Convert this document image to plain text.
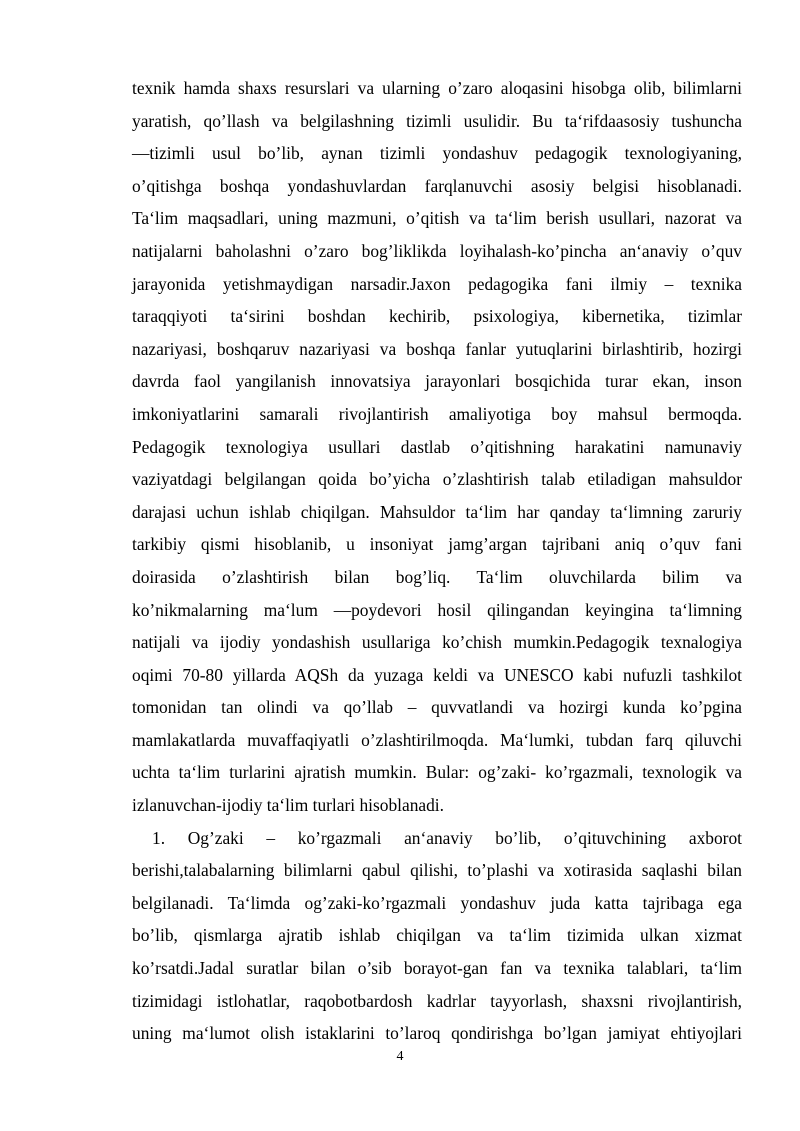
texnik hamda shaxs resurslari va ularning o’zaro aloqasini hisobga olib, bilimlarni
yaratish, qo’llash va belgilashning tizimli usulidir. Bu ta‘rifdaasosiy tushuncha
—tizimli usul bo’lib, aynan tizimli yondashuv pedagogik texnologiyaning,
o’qitishga boshqa yondashuvlardan farqlanuvchi asosiy belgisi hisoblanadi.
Ta‘lim maqsadlari, uning mazmuni, o’qitish va ta‘lim berish usullari, nazorat va
natijalarni baholashni o’zaro bog’liklikda loyihalash-ko’pincha an‘anaviy o’quv
jarayonida yetishmaydigan narsadir.Jaxon pedagogika fani ilmiy – texnika
taraqqiyoti ta‘sirini boshdan kechirib, psixologiya, kibernetika, tizimlar
nazariyasi, boshqaruv nazariyasi va boshqa fanlar yutuqlarini birlashtirib, hozirgi
davrda faol yangilanish innovatsiya jarayonlari bosqichida turar ekan, inson
imkoniyatlarini samarali rivojlantirish amaliyotiga boy mahsul bermoqda.
Pedagogik texnologiya usullari dastlab o’qitishning harakatini namunaviy
vaziyatdagi belgilangan qoida bo’yicha o’zlashtirish talab etiladigan mahsuldor
darajasi uchun ishlab chiqilgan. Mahsuldor ta‘lim har qanday ta‘limning zaruriy
tarkibiy qismi hisoblanib, u insoniyat jamg’argan tajribani aniq o’quv fani
doirasida o’zlashtirish bilan bog’liq. Ta‘lim oluvchilarda bilim va
ko’nikmalarning ma‘lum —poydevori hosil qilingandan keyingina ta‘limning
natijali va ijodiy yondashish usullariga ko’chish mumkin.Pedagogik texnalogiya
oqimi 70-80 yillarda AQSh da yuzaga keldi va UNESCO kabi nufuzli tashkilot
tomonidan tan olindi va qo’llab – quvvatlandi va hozirgi kunda ko’pgina
mamlakatlarda muvaffaqiyatli o’zlashtirilmoqda. Ma‘lumki, tubdan farq qiluvchi
uchta ta‘lim turlarini ajratish mumkin. Bular: og’zaki- ko’rgazmali, texnologik va
izlanuvchan-ijodiy ta‘lim turlari hisoblanadi.
1. Og’zaki – ko’rgazmali an‘anaviy bo’lib, o’qituvchining axborot
berishi,talabalarning bilimlarni qabul qilishi, to’plashi va xotirasida saqlashi bilan
belgilanadi. Ta‘limda og’zaki-ko’rgazmali yondashuv juda katta tajribaga ega
bo’lib, qismlarga ajratib ishlab chiqilgan va ta‘lim tizimida ulkan xizmat
ko’rsatdi.Jadal suratlar bilan o’sib borayot-gan fan va texnika talablari, ta‘lim
tizimidagi istlohatlar, raqobotbardosh kadrlar tayyorlash, shaxsni rivojlantirish,
uning ma‘lumot olish istaklarini to’laroq qondirishga bo’lgan jamiyat ehtiyojlari
4
